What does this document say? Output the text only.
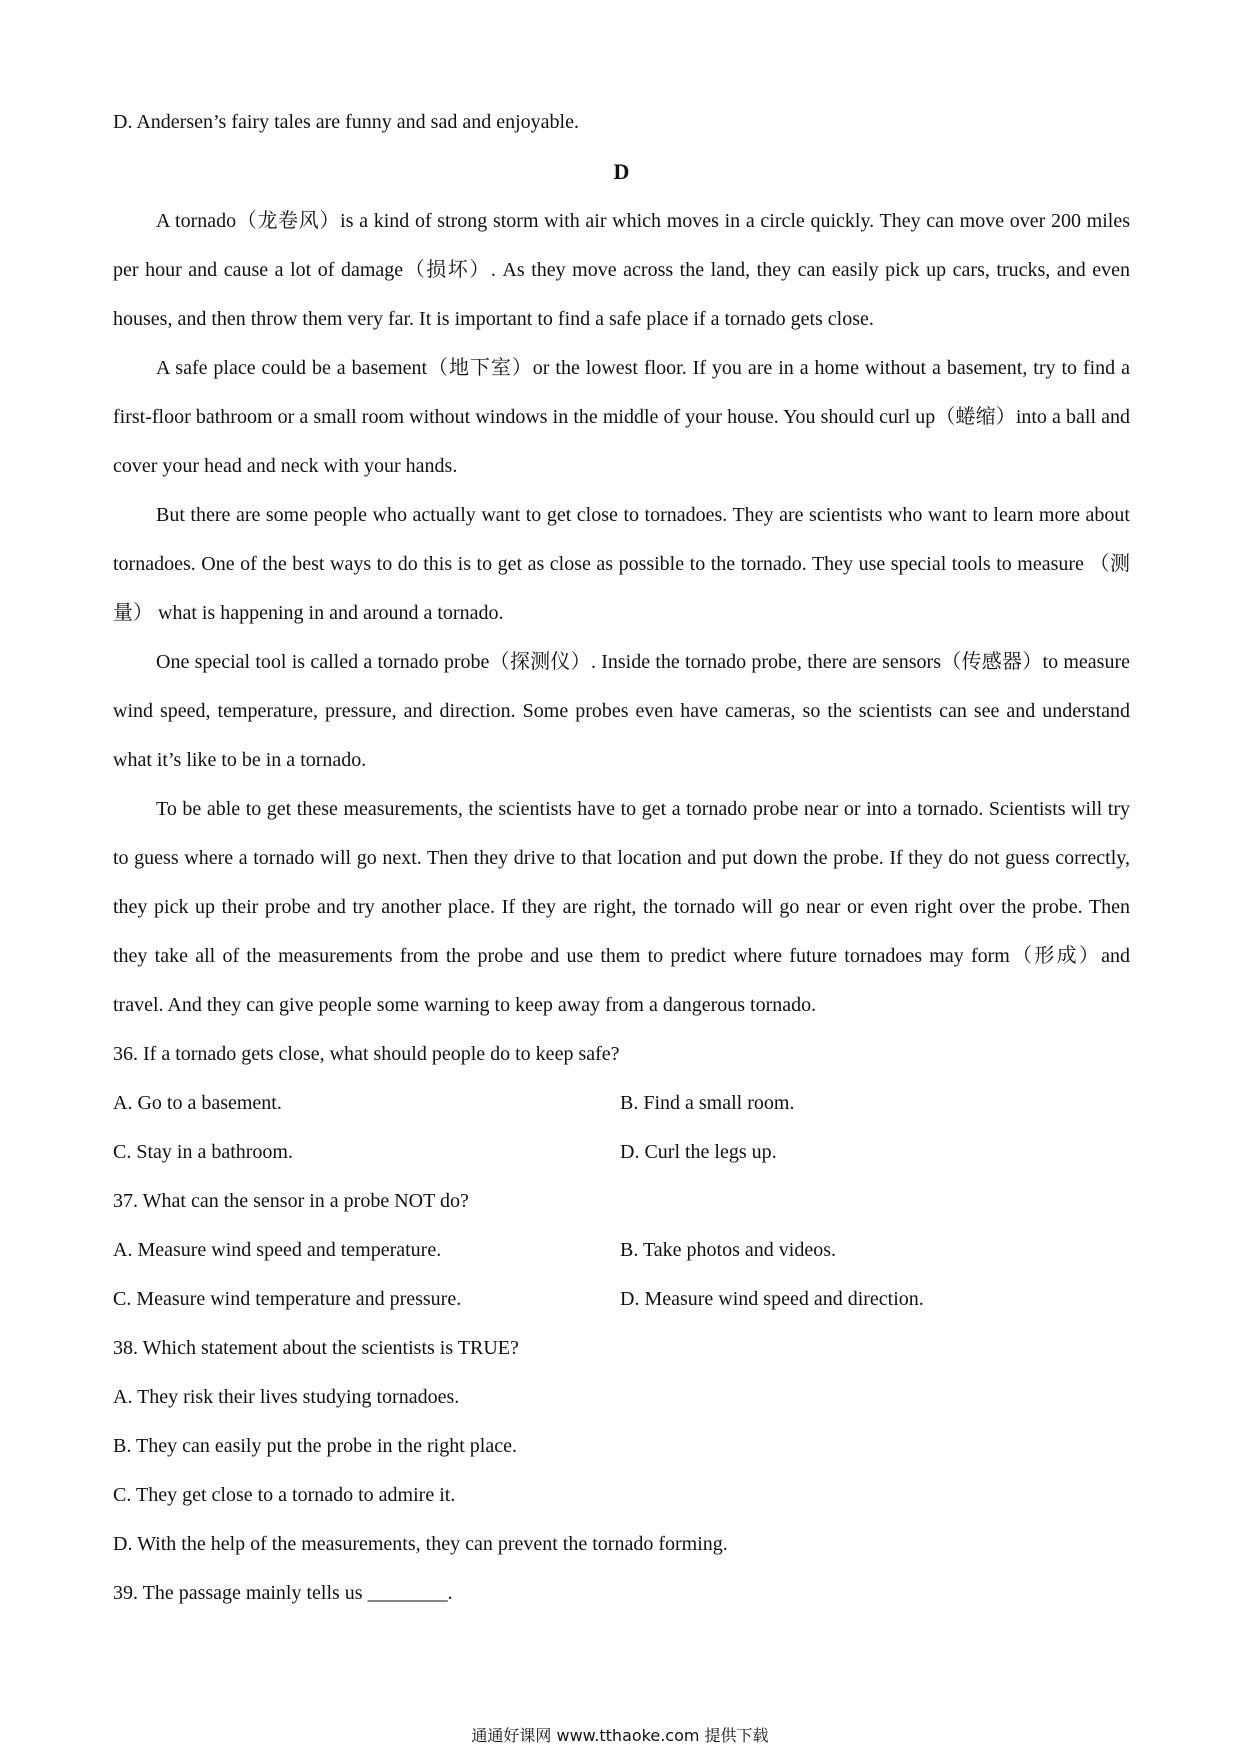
D. Andersen’s fairy tales are funny and sad and enjoyable.
D

A tornado（龙卷风）is a kind of strong storm with air which moves in a circle quickly. They can move over 200 miles per hour and cause a lot of damage（损坏）. As they move across the land, they can easily pick up cars, trucks, and even houses, and then throw them very far. It is important to find a safe place if a tornado gets close.

A safe place could be a basement（地下室）or the lowest floor. If you are in a home without a basement, try to find a first-floor bathroom or a small room without windows in the middle of your house. You should curl up（蜷缩）into a ball and cover your head and neck with your hands.

But there are some people who actually want to get close to tornadoes. They are scientists who want to learn more about tornadoes. One of the best ways to do this is to get as close as possible to the tornado. They use special tools to measure （测量） what is happening in and around a tornado.

One special tool is called a tornado probe（探测仪）. Inside the tornado probe, there are sensors（传感器）to measure wind speed, temperature, pressure, and direction. Some probes even have cameras, so the scientists can see and understand what it’s like to be in a tornado.

To be able to get these measurements, the scientists have to get a tornado probe near or into a tornado. Scientists will try to guess where a tornado will go next. Then they drive to that location and put down the probe. If they do not guess correctly, they pick up their probe and try another place. If they are right, the tornado will go near or even right over the probe. Then they take all of the measurements from the probe and use them to predict where future tornadoes may form（形成）and travel. And they can give people some warning to keep away from a dangerous tornado.

36. If a tornado gets close, what should people do to keep safe?
A. Go to a basement.	B. Find a small room.
C. Stay in a bathroom.	D. Curl the legs up.
37. What can the sensor in a probe NOT do?
A. Measure wind speed and temperature.	B. Take photos and videos.
C. Measure wind temperature and pressure.	D. Measure wind speed and direction.
38. Which statement about the scientists is TRUE?
A. They risk their lives studying tornadoes.
B. They can easily put the probe in the right place.
C. They get close to a tornado to admire it.
D. With the help of the measurements, they can prevent the tornado forming.
39. The passage mainly tells us ________.
通通好课网 www.tthaoke.com 提供下载
